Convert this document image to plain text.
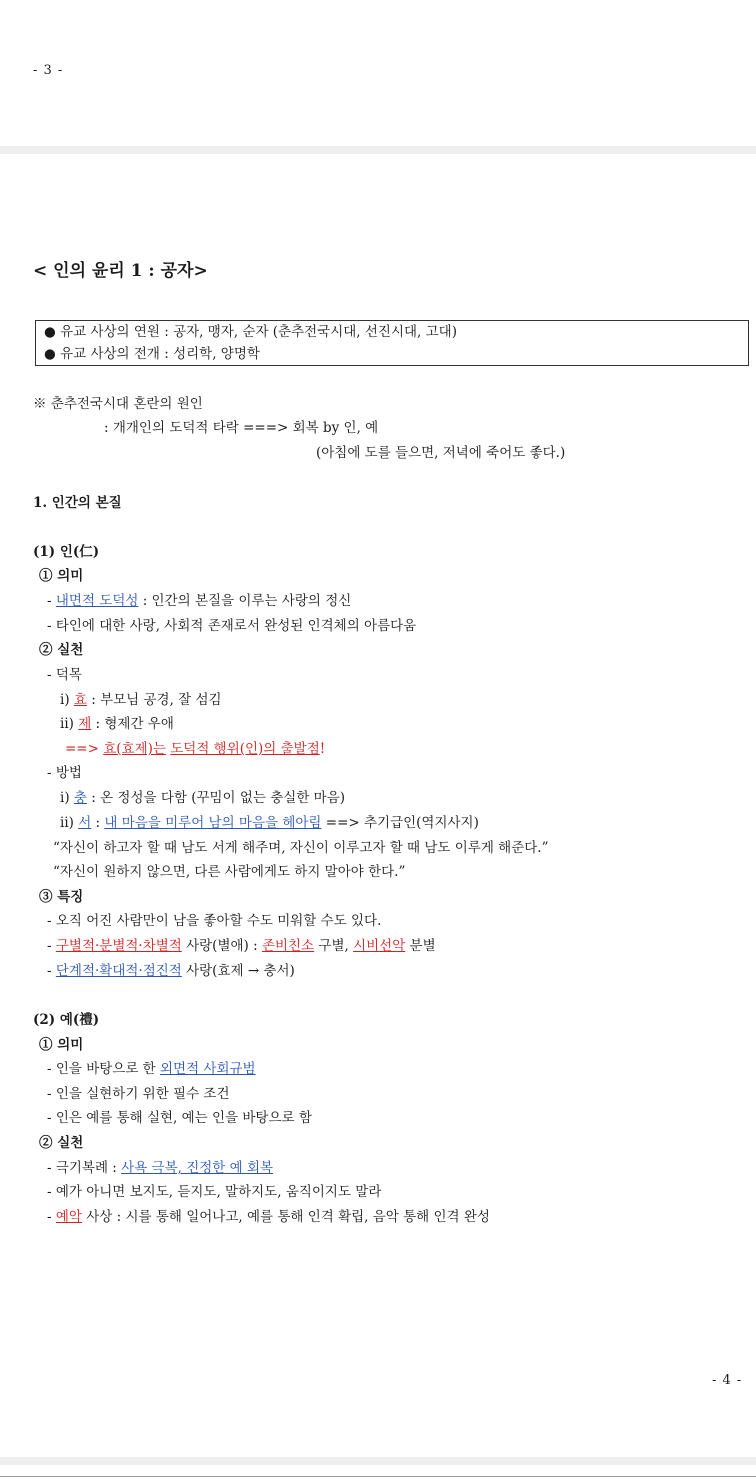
- 3 -
< 인의 윤리 1 : 공자>
● 유교 사상의 연원 : 공자, 맹자, 순자 (춘추전국시대, 선진시대, 고대)
● 유교 사상의 전개 : 성리학, 양명학
※ 춘추전국시대 혼란의 원인
: 개개인의 도덕적 타락 ===> 회복 by 인, 예
(아침에 도를 들으면, 저녁에 죽어도 좋다.)
1. 인간의 본질
(1) 인(仁)
① 의미
- 내면적 도덕성 : 인간의 본질을 이루는 사랑의 정신
- 타인에 대한 사랑, 사회적 존재로서 완성된 인격체의 아름다움
② 실천
- 덕목
ⅰ) 효 : 부모님 공경, 잘 섬김
ⅱ) 제 : 형제간 우애
==> 효(효제)는 도덕적 행위(인)의 출발점!
- 방법
ⅰ) 충 : 온 정성을 다함 (꾸밈이 없는 충실한 마음)
ⅱ) 서 : 내 마음을 미루어 남의 마음을 헤아림 ==> 추기급인(역지사지)
“자신이 하고자 할 때 남도 서게 해주며, 자신이 이루고자 할 때 남도 이루게 해준다.”
“자신이 원하지 않으면, 다른 사람에게도 하지 말아야 한다.”
③ 특징
- 오직 어진 사람만이 남을 좋아할 수도 미워할 수도 있다.
- 구별적·분별적·차별적 사랑(별애) : 존비친소 구별, 시비선악 분별
- 단계적·확대적·점진적 사랑(효제 → 충서)
(2) 예(禮)
① 의미
- 인을 바탕으로 한 외면적 사회규범
- 인을 실현하기 위한 필수 조건
- 인은 예를 통해 실현, 예는 인을 바탕으로 함
② 실천
- 극기복례 : 사욕 극복, 진정한 예 회복
- 예가 아니면 보지도, 듣지도, 말하지도, 움직이지도 말라
- 예악 사상 : 시를 통해 일어나고, 예를 통해 인격 확립, 음악 통해 인격 완성
- 4 -
